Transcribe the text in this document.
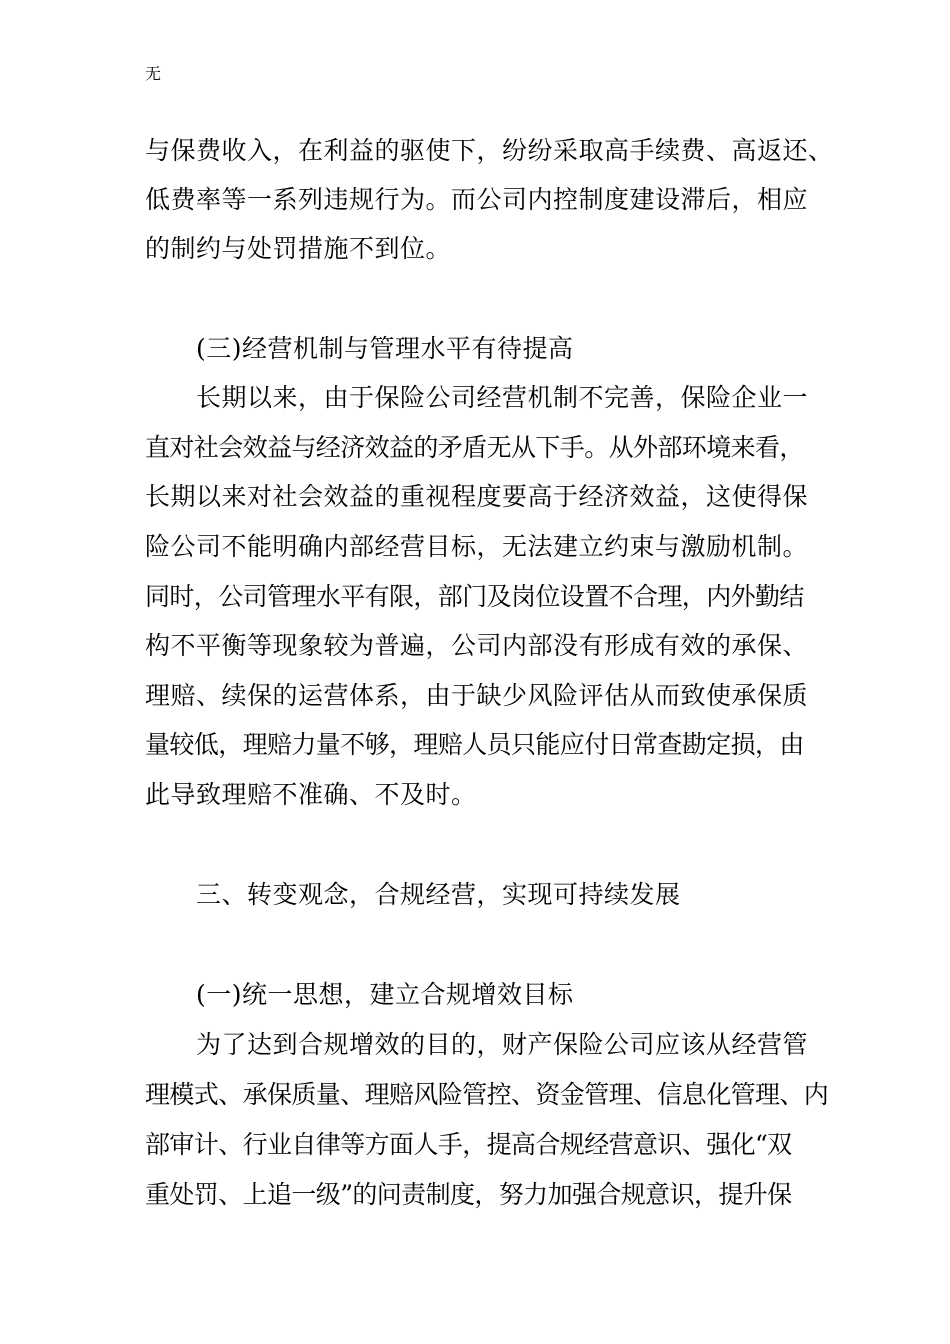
无
与保费收入，在利益的驱使下，纷纷采取高手续费、高返还、
低费率等一系列违规行为。而公司内控制度建设滞后，相应
的制约与处罚措施不到位。
(三)经营机制与管理水平有待提高
长期以来，由于保险公司经营机制不完善，保险企业一
直对社会效益与经济效益的矛盾无从下手。从外部环境来看，
长期以来对社会效益的重视程度要高于经济效益，这使得保
险公司不能明确内部经营目标，无法建立约束与激励机制。
同时，公司管理水平有限，部门及岗位设置不合理，内外勤结
构不平衡等现象较为普遍，公司内部没有形成有效的承保、
理赔、续保的运营体系，由于缺少风险评估从而致使承保质
量较低，理赔力量不够，理赔人员只能应付日常查勘定损，由
此导致理赔不准确、不及时。
三、转变观念，合规经营，实现可持续发展
(一)统一思想，建立合规增效目标
为了达到合规增效的目的，财产保险公司应该从经营管
理模式、承保质量、理赔风险管控、资金管理、信息化管理、内
部审计、行业自律等方面人手，提高合规经营意识、强化“双
重处罚、上追一级”的问责制度，努力加强合规意识，提升保
